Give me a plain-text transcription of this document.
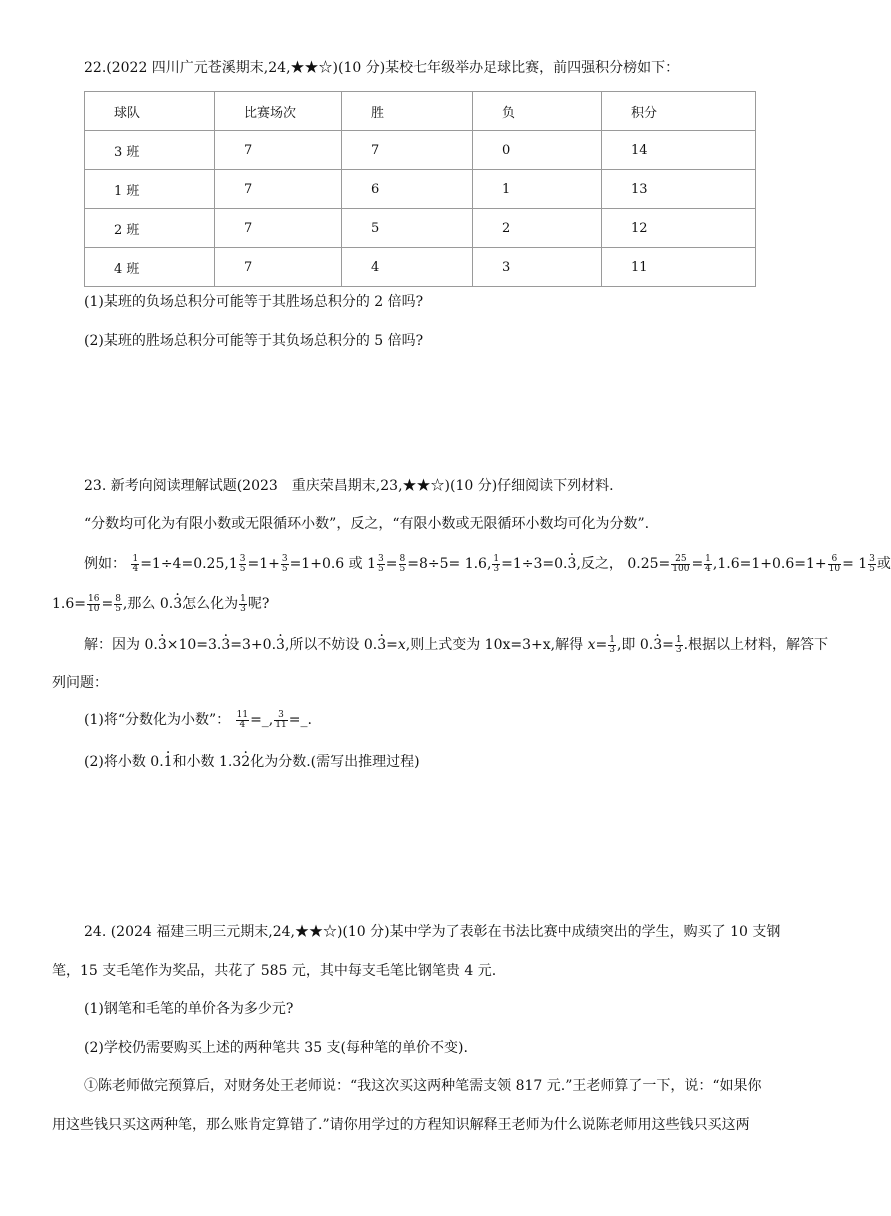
22.(2022 四川广元苍溪期末,24,★★☆)(10 分)某校七年级举办足球比赛，前四强积分榜如下：
球队	比赛场次	胜	负	积分
3 班	7	7	0	14
1 班	7	6	1	13
2 班	7	5	2	12
4 班	7	4	3	11
(1)某班的负场总积分可能等于其胜场总积分的 2 倍吗?
(2)某班的胜场总积分可能等于其负场总积分的 5 倍吗?
23. 新考向阅读理解试题(2023　重庆荣昌期末,23,★★☆)(10 分)仔细阅读下列材料.
“分数均可化为有限小数或无限循环小数”，反之，“有限小数或无限循环小数均可化为分数”.
例如： $\frac{1}{4} =1\div 4=0.25,1 \frac{3}{5} =1+ \frac{3}{5} =1+0.6$ 或 $1 \frac{3}{5} = \frac{8}{5} =8\div 5= 1.6$, $\frac{1}{3} =1\div 3=0.3$ ·,反之， $0.25= \frac{25}{100} = \frac{1}{4} ,1.6=1+0.6=1+ \frac{6}{10} = 1 \frac{3}{5}$ 或
$1.6= \frac{16}{10} = \frac{8}{5}$ ,那么 0.3 ·怎么化为 $\frac{1}{3}$ 呢?
解：因为 0.3 ·×10=3.3 ·=3+0.3 ·,所以不妨设 0.3 ·=x,则上式变为 10x=3+x,解得 $x= \frac{1}{3}$ ,即 $0.3 \cdot= \frac{1}{3}$ .根据以上材料，解答下
列问题：
(1)将“分数化为小数”： $\frac{11}{4}$ =_, $\frac{3}{11}$ =_.
(2)将小数 0.1 ·和小数 1.32 ·化为分数.(需写出推理过程)
24. (2024 福建三明三元期末,24,★★☆)(10 分)某中学为了表彰在书法比赛中成绩突出的学生，购买了 10 支钢
笔，15 支毛笔作为奖品，共花了 585 元，其中每支毛笔比钢笔贵 4 元.
(1)钢笔和毛笔的单价各为多少元?
(2)学校仍需要购买上述的两种笔共 35 支(每种笔的单价不变).
①陈老师做完预算后，对财务处王老师说：“我这次买这两种笔需支领 817 元.”王老师算了一下，说：“如果你
用这些钱只买这两种笔，那么账肯定算错了.”请你用学过的方程知识解释王老师为什么说陈老师用这些钱只买这两
